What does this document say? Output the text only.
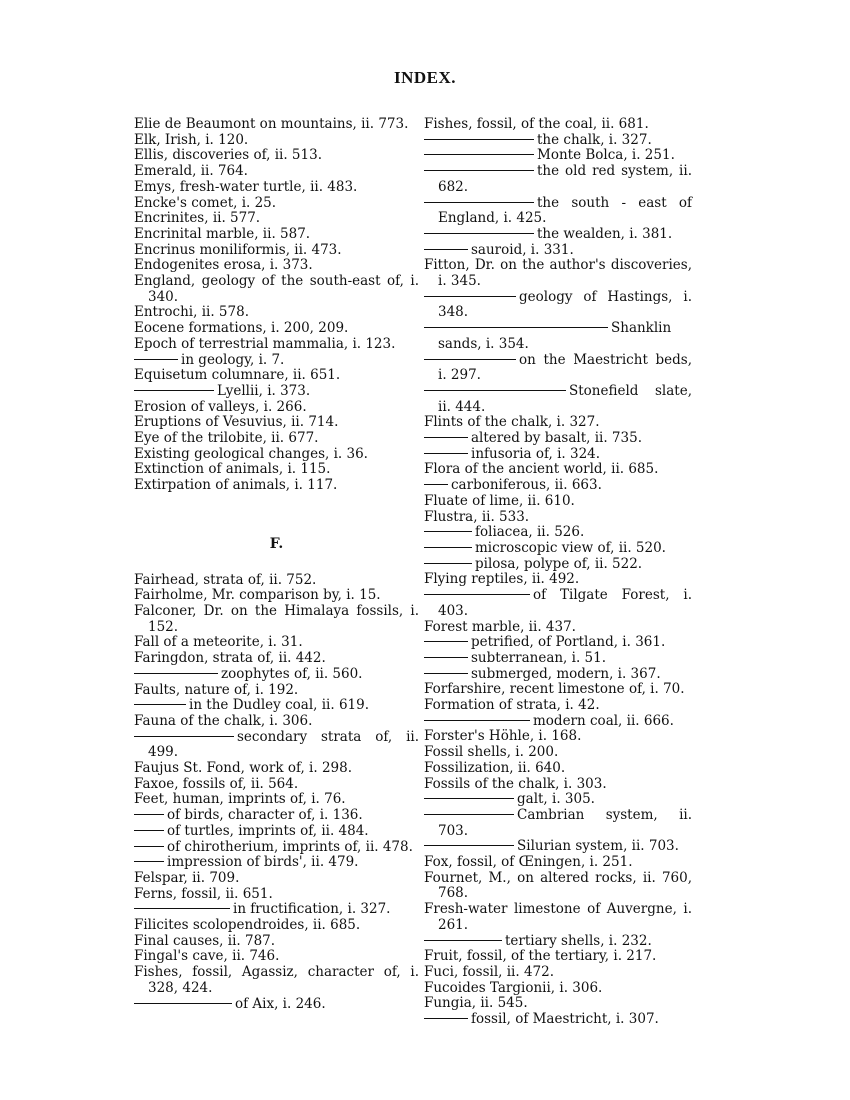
INDEX.

Elie de Beaumont on mountains, ii. 773.

Elk, Irish, i. 120.

Ellis, discoveries of, ii. 513.

Emerald, ii. 764.

Emys, fresh-water turtle, ii. 483.

Encke's comet, i. 25.

Encrinites, ii. 577.

Encrinital marble, ii. 587.

Encrinus moniliformis, ii. 473.

Endogenites erosa, i. 373.

England, geology of the south-east of, i. 340.

Entrochi, ii. 578.

Eocene formations, i. 200, 209.

Epoch of terrestrial mammalia, i. 123.

in geology, i. 7.

Equisetum columnare, ii. 651.

Lyellii, i. 373.

Erosion of valleys, i. 266.

Eruptions of Vesuvius, ii. 714.

Eye of the trilobite, ii. 677.

Existing geological changes, i. 36.

Extinction of animals, i. 115.

Extirpation of animals, i. 117.

F.

Fairhead, strata of, ii. 752.

Fairholme, Mr. comparison by, i. 15.

Falconer, Dr. on the Himalaya fossils, i. 152.

Fall of a meteorite, i. 31.

Faringdon, strata of, ii. 442.

zoophytes of, ii. 560.

Faults, nature of, i. 192.

in the Dudley coal, ii. 619.

Fauna of the chalk, i. 306.

secondary strata of, ii. 499.

Faujus St. Fond, work of, i. 298.

Faxoe, fossils of, ii. 564.

Feet, human, imprints of, i. 76.

of birds, character of, i. 136.

of turtles, imprints of, ii. 484.

of chirotherium, imprints of, ii. 478.

impression of birds', ii. 479.

Felspar, ii. 709.

Ferns, fossil, ii. 651.

in fructification, i. 327.

Filicites scolopendroides, ii. 685.

Final causes, ii. 787.

Fingal's cave, ii. 746.

Fishes, fossil, Agassiz, character of, i. 328, 424.

of Aix, i. 246.

Fishes, fossil, of the coal, ii. 681.

the chalk, i. 327.

Monte Bolca, i. 251.

the old red system, ii. 682.

the south - east of England, i. 425.

the wealden, i. 381.

sauroid, i. 331.

Fitton, Dr. on the author's discoveries, i. 345.

geology of Hastings, i. 348.

Shanklin sands, i. 354.

on the Maestricht beds, i. 297.

Stonefield slate, ii. 444.

Flints of the chalk, i. 327.

altered by basalt, ii. 735.

infusoria of, i. 324.

Flora of the ancient world, ii. 685.

carboniferous, ii. 663.

Fluate of lime, ii. 610.

Flustra, ii. 533.

foliacea, ii. 526.

microscopic view of, ii. 520.

pilosa, polype of, ii. 522.

Flying reptiles, ii. 492.

of Tilgate Forest, i. 403.

Forest marble, ii. 437.

petrified, of Portland, i. 361.

subterranean, i. 51.

submerged, modern, i. 367.

Forfarshire, recent limestone of, i. 70.

Formation of strata, i. 42.

modern coal, ii. 666.

Forster's Höhle, i. 168.

Fossil shells, i. 200.

Fossilization, ii. 640.

Fossils of the chalk, i. 303.

galt, i. 305.

Cambrian system, ii. 703.

Silurian system, ii. 703.

Fox, fossil, of Œningen, i. 251.

Fournet, M., on altered rocks, ii. 760, 768.

Fresh-water limestone of Auvergne, i. 261.

tertiary shells, i. 232.

Fruit, fossil, of the tertiary, i. 217.

Fuci, fossil, ii. 472.

Fucoides Targionii, i. 306.

Fungia, ii. 545.

fossil, of Maestricht, i. 307.
